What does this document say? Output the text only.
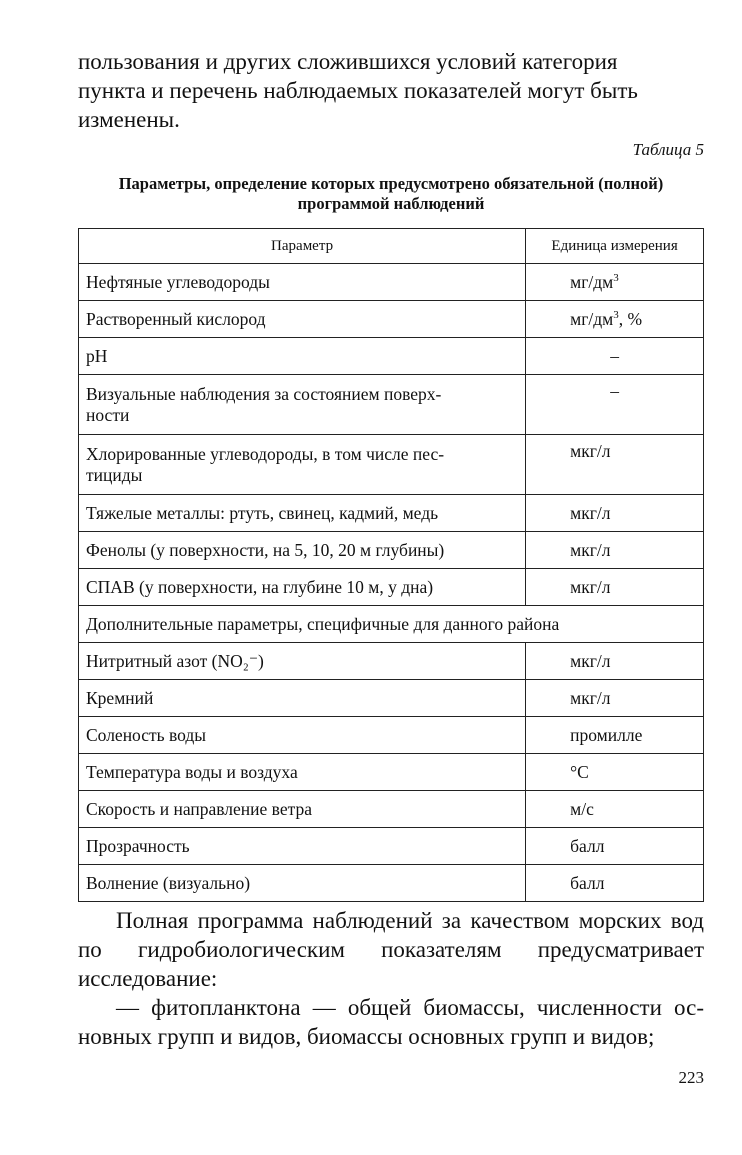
пользования и других сложившихся условий категория
пункта и перечень наблюдаемых показателей могут быть
изменены.
Таблица 5
Параметры, определение которых предусмотрено обязательной (полной)
программой наблюдений
Параметр	Единица измерения
Нефтяные углеводороды	$мг/дм^3$
Растворенный кислород	$мг/дм^3$, %
pH	–

Визуальные наблюдения за состоянием поверх-
ности	–

Хлорированные углеводороды, в том числе пес-
тициды	мкг/л
Тяжелые металлы: ртуть, свинец, кадмий, медь	мкг/л
Фенолы (у поверхности, на 5, 10, 20 м глубины)	мкг/л
СПАВ (у поверхности, на глубине 10 м, у дна)	мкг/л
Дополнительные параметры, специфичные для данного района	
Нитритный азот (NO₂⁻)	мкг/л
Кремний	мкг/л
Соленость воды	промилле
Температура воды и воздуха	°С
Скорость и направление ветра	м/с
Прозрачность	балл
Волнение (визуально)	балл
Полная программа наблюдений за качеством морских вод по гидробиологическим показателям предусматривает исследование:
— фитопланктона — общей биомассы, численности ос- новных групп и видов, биомассы основных групп и видов;
223
